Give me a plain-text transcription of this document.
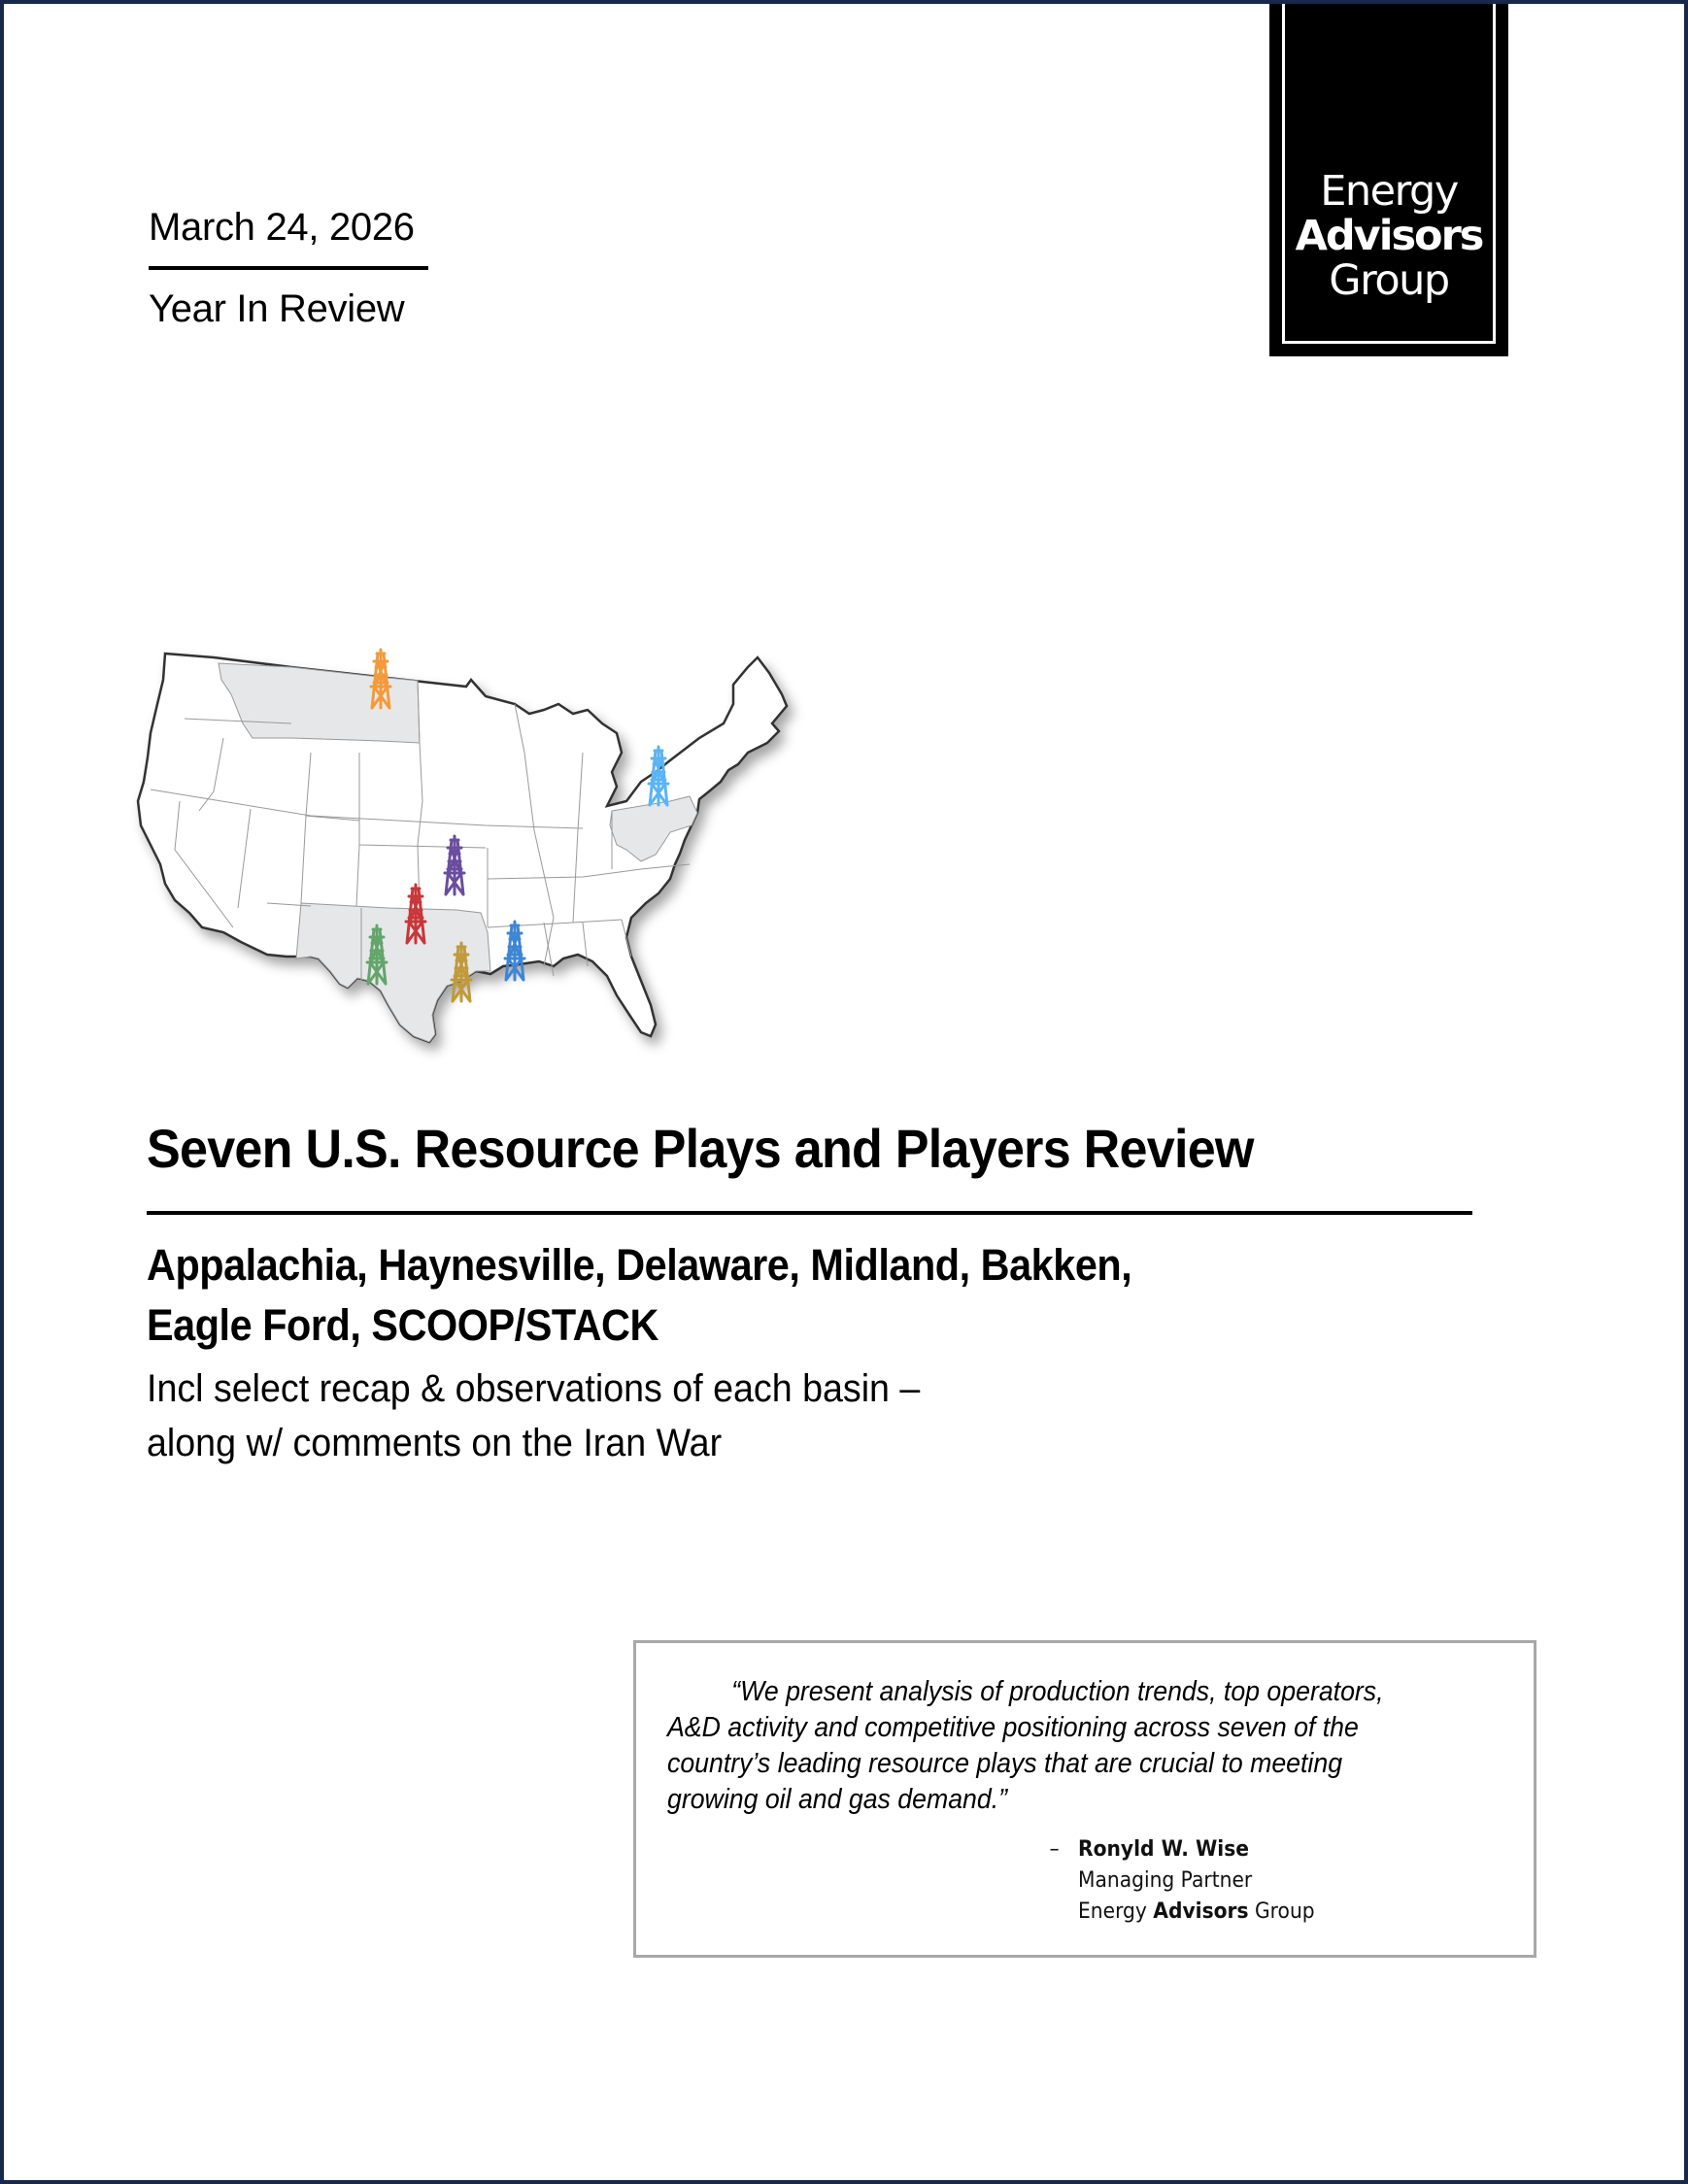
March 24, 2026
Year In Review
Energy
Advisors
Group
Seven U.S. Resource Plays and Players Review
Appalachia, Haynesville, Delaware, Midland, Bakken,
Eagle Ford, SCOOP/STACK
Incl select recap & observations of each basin –
along w/ comments on the Iran War
“We present analysis of production trends, top operators,
A&D activity and competitive positioning across seven of the
country’s leading resource plays that are crucial to meeting
growing oil and gas demand.”
– Ronyld W. Wise
Managing Partner
Energy Advisors Group
